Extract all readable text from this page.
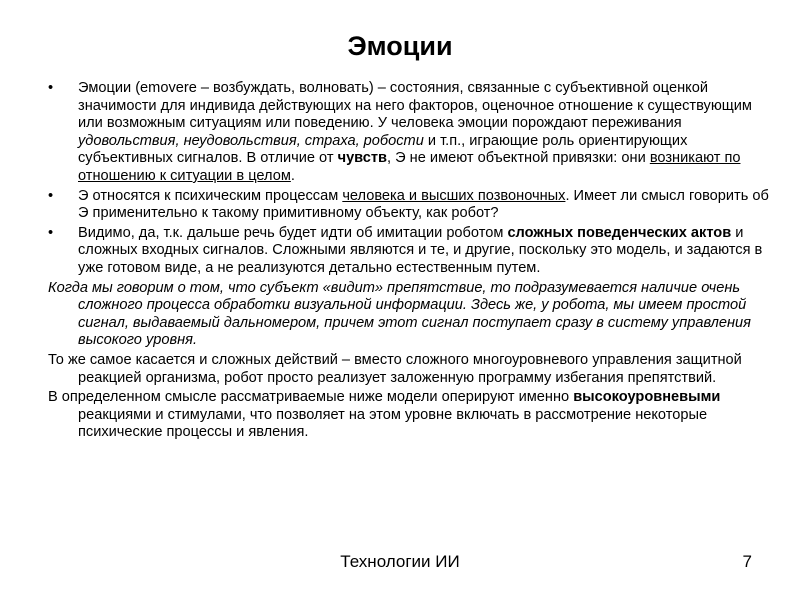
Эмоции
• Эмоции (emovere – возбуждать, волновать) – состояния, связанные с субъективной оценкой значимости для индивида действующих на него факторов, оценочное отношение к существующим или возможным ситуациям или поведению. У человека эмоции порождают переживания удовольствия, неудовольствия, страха, робости и т.п., играющие роль ориентирующих субъективных сигналов. В отличие от чувств, Э не имеют объектной привязки: они возникают по отношению к ситуации в целом.
• Э относятся к психическим процессам человека и высших позвоночных. Имеет ли смысл говорить об Э применительно к такому примитивному объекту, как робот?
• Видимо, да, т.к. дальше речь будет идти об имитации роботом сложных поведенческих актов и сложных входных сигналов. Сложными являются и те, и другие, поскольку это модель, и задаются в уже готовом виде, а не реализуются детально естественным путем.

Когда мы говорим о том, что субъект «видит» препятствие, то подразумевается наличие очень сложного процесса обработки визуальной информации. Здесь же, у робота, мы имеем простой сигнал, выдаваемый дальномером, причем этот сигнал поступает сразу в систему управления высокого уровня.

То же самое касается и сложных действий – вместо сложного многоуровневого управления защитной реакцией организма, робот просто реализует заложенную программу избегания препятствий.

В определенном смысле рассматриваемые ниже модели оперируют именно высокоуровневыми реакциями и стимулами, что позволяет на этом уровне включать в рассмотрение некоторые психические процессы и явления.

Технологии ИИ	7
